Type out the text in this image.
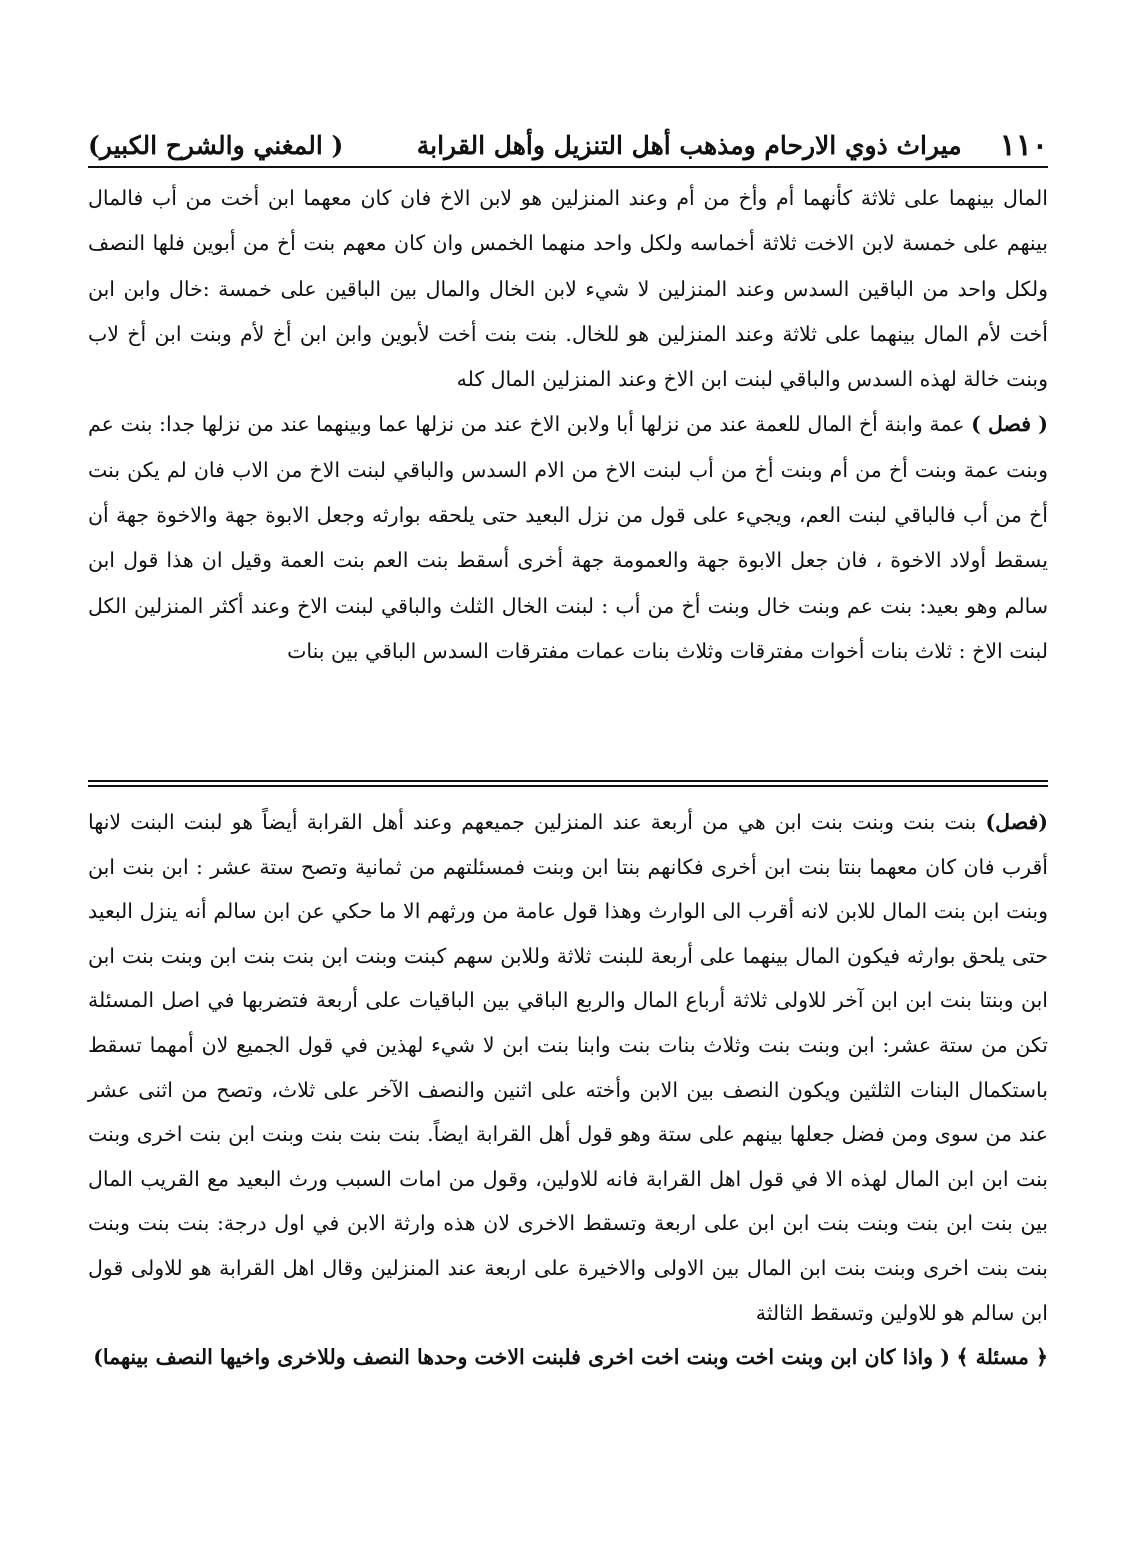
١١٠
ميراث ذوي الارحام ومذهب أهل التنزيل وأهل القرابة
( المغني والشرح الكبير)

المال بينهما على ثلاثة كأنهما أم وأخ من أم وعند المنزلين هو لابن الاخ فان كان معهما ابن أخت من أب فالمال بينهم على خمسة لابن الاخت ثلاثة أخماسه ولكل واحد منهما الخمس وان كان معهم بنت أخ من أبوين فلها النصف ولكل واحد من الباقين السدس وعند المنزلين لا شيء لابن الخال والمال بين الباقين على خمسة :خال وابن ابن أخت لأم المال بينهما على ثلاثة وعند المنزلين هو للخال. بنت بنت أخت لأبوين وابن ابن أخ لأم وبنت ابن أخ لاب وبنت خالة لهذه السدس والباقي لبنت ابن الاخ وعند المنزلين المال كله

( فصل ) عمة وابنة أخ المال للعمة عند من نزلها أبا ولابن الاخ عند من نزلها عما وبينهما عند من نزلها جدا: بنت عم وبنت عمة وبنت أخ من أم وبنت أخ من أب لبنت الاخ من الام السدس والباقي لبنت الاخ من الاب فان لم يكن بنت أخ من أب فالباقي لبنت العم، ويجيء على قول من نزل البعيد حتى يلحقه بوارثه وجعل الابوة جهة والاخوة جهة أن يسقط أولاد الاخوة ، فان جعل الابوة جهة والعمومة جهة أخرى أسقط بنت العم بنت العمة وقيل ان هذا قول ابن سالم وهو بعيد: بنت عم وبنت خال وبنت أخ من أب : لبنت الخال الثلث والباقي لبنت الاخ وعند أكثر المنزلين الكل لبنت الاخ : ثلاث بنات أخوات مفترقات وثلاث بنات عمات مفترقات السدس الباقي بين بنات

(فصل) بنت بنت وبنت بنت ابن هي من أربعة عند المنزلين جميعهم وعند أهل القرابة أيضاً هو لبنت البنت لانها أقرب فان كان معهما بنتا بنت ابن أخرى فكانهم بنتا ابن وبنت فمسئلتهم من ثمانية وتصح ستة عشر : ابن بنت ابن وبنت ابن بنت المال للابن لانه أقرب الى الوارث وهذا قول عامة من ورثهم الا ما حكي عن ابن سالم أنه ينزل البعيد حتى يلحق بوارثه فيكون المال بينهما على أربعة للبنت ثلاثة وللابن سهم كبنت وبنت ابن بنت بنت ابن وبنت بنت ابن ابن وبنتا بنت ابن ابن آخر للاولى ثلاثة أرباع المال والربع الباقي بين الباقيات على أربعة فتضربها في اصل المسئلة تكن من ستة عشر: ابن وبنت بنت وثلاث بنات بنت وابنا بنت ابن لا شيء لهذين في قول الجميع لان أمهما تسقط باستكمال البنات الثلثين ويكون النصف بين الابن وأخته على اثنين والنصف الآخر على ثلاث، وتصح من اثنى عشر عند من سوى ومن فضل جعلها بينهم على ستة وهو قول أهل القرابة ايضاً. بنت بنت بنت وبنت ابن بنت اخرى وبنت بنت ابن ابن المال لهذه الا في قول اهل القرابة فانه للاولين، وقول من امات السبب ورث البعيد مع القريب المال بين بنت ابن بنت وبنت بنت ابن ابن على اربعة وتسقط الاخرى لان هذه وارثة الابن في اول درجة: بنت بنت وبنت بنت بنت اخرى وبنت بنت ابن المال بين الاولى والاخيرة على اربعة عند المنزلين وقال اهل القرابة هو للاولى قول ابن سالم هو للاولين وتسقط الثالثة

﴿ مسئلة ﴾ ( واذا كان ابن وبنت اخت وبنت اخت اخرى فلبنت الاخت وحدها النصف وللاخرى واخيها النصف بينهما)
